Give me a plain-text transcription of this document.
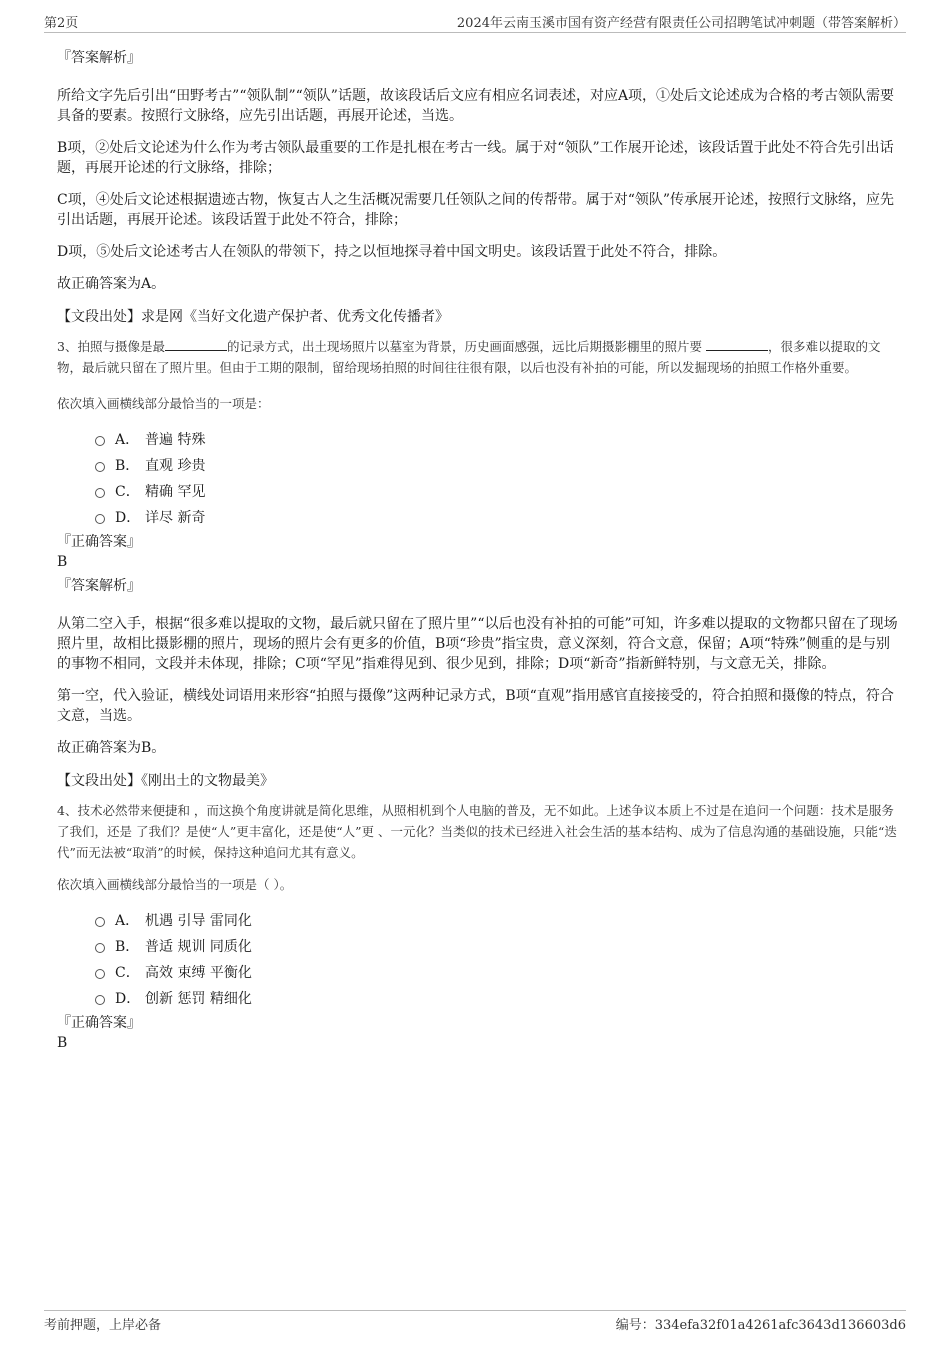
第2页	2024年云南玉溪市国有资产经营有限责任公司招聘笔试冲刺题（带答案解析）

『答案解析』

所给文字先后引出“田野考古”“领队制”“领队”话题，故该段话后文应有相应名词表述，对应A项，①处后文论述成为合格的考古领队需要具备的要素。按照行文脉络，应先引出话题，再展开论述，当选。

B项，②处后文论述为什么作为考古领队最重要的工作是扎根在考古一线。属于对“领队”工作展开论述，该段话置于此处不符合先引出话题，再展开论述的行文脉络，排除；

C项，④处后文论述根据遗迹古物，恢复古人之生活概况需要几任领队之间的传帮带。属于对“领队”传承展开论述，按照行文脉络，应先引出话题，再展开论述。该段话置于此处不符合，排除；

D项，⑤处后文论述考古人在领队的带领下，持之以恒地探寻着中国文明史。该段话置于此处不符合，排除。

故正确答案为A。

【文段出处】求是网《当好文化遗产保护者、优秀文化传播者》

3、拍照与摄像是最	的记录方式，出土现场照片以墓室为背景，历史画面感强，远比后期摄影棚里的照片要	，很多难以提取的文物，最后就只留在了照片里。但由于工期的限制，留给现场拍照的时间往往很有限，以后也没有补拍的可能，所以发掘现场的拍照工作格外重要。

依次填入画横线部分最恰当的一项是：

A． 普遍 特殊
B． 直观 珍贵
C． 精确 罕见
D． 详尽 新奇

『正确答案』

B

『答案解析』

从第二空入手，根据“很多难以提取的文物，最后就只留在了照片里”“以后也没有补拍的可能”可知，许多难以提取的文物都只留在了现场照片里，故相比摄影棚的照片，现场的照片会有更多的价值，B项“珍贵”指宝贵，意义深刻，符合文意，保留；A项“特殊”侧重的是与别的事物不相同，文段并未体现，排除；C项“罕见”指难得见到、很少见到，排除；D项“新奇”指新鲜特别，与文意无关，排除。

第一空，代入验证，横线处词语用来形容“拍照与摄像”这两种记录方式，B项“直观”指用感官直接接受的，符合拍照和摄像的特点，符合文意，当选。

故正确答案为B。

【文段出处】《刚出土的文物最美》

4、技术必然带来便捷和 ，而这换个角度讲就是简化思维，从照相机到个人电脑的普及，无不如此。上述争议本质上不过是在追问一个问题：技术是服务了我们，还是 了我们？是使“人”更丰富化，还是使“人”更 、一元化？当类似的技术已经进入社会生活的基本结构、成为了信息沟通的基础设施，只能“迭代”而无法被“取消”的时候，保持这种追问尤其有意义。

依次填入画横线部分最恰当的一项是（ ）。

A． 机遇 引导 雷同化
B． 普适 规训 同质化
C． 高效 束缚 平衡化
D． 创新 惩罚 精细化

『正确答案』

B

考前押题，上岸必备	编号：334efa32f01a4261afc3643d136603d6
